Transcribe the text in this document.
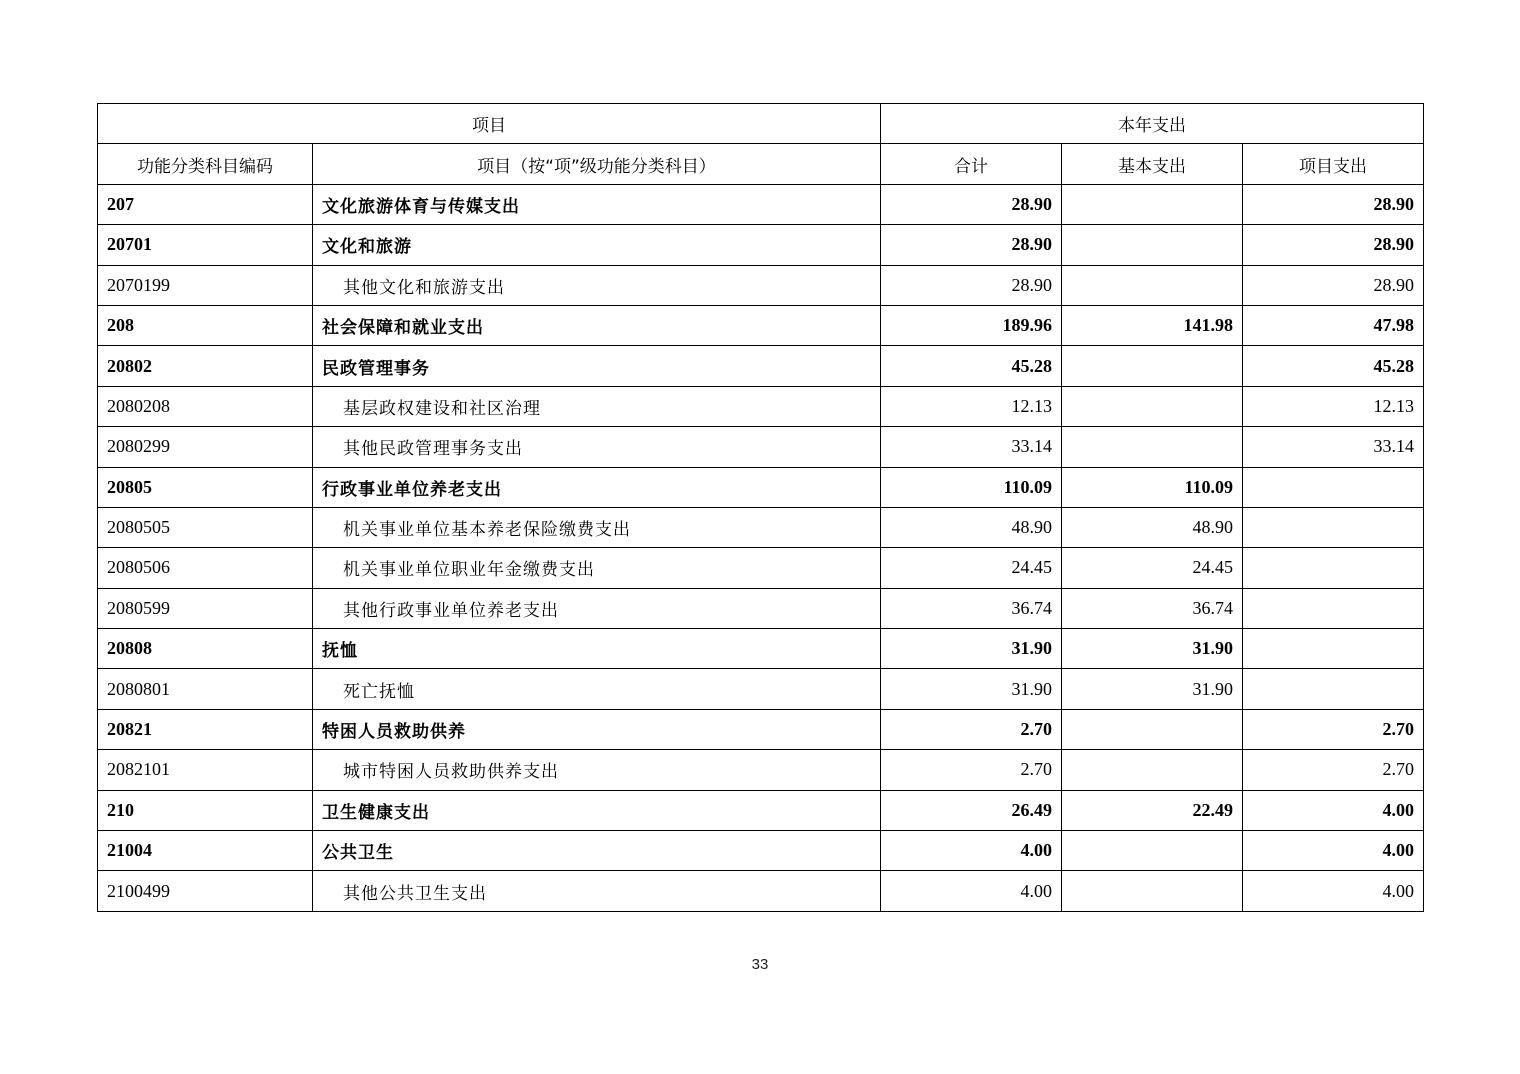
项目		本年支出		
功能分类科目编码	项目（按“项”级功能分类科目）	合计	基本支出	项目支出
207	文化旅游体育与传媒支出	28.90		28.90
20701	文化和旅游	28.90		28.90
2070199	其他文化和旅游支出	28.90		28.90
208	社会保障和就业支出	189.96	141.98	47.98
20802	民政管理事务	45.28		45.28
2080208	基层政权建设和社区治理	12.13		12.13
2080299	其他民政管理事务支出	33.14		33.14
20805	行政事业单位养老支出	110.09	110.09	
2080505	机关事业单位基本养老保险缴费支出	48.90	48.90	
2080506	机关事业单位职业年金缴费支出	24.45	24.45	
2080599	其他行政事业单位养老支出	36.74	36.74	
20808	抚恤	31.90	31.90	
2080801	死亡抚恤	31.90	31.90	
20821	特困人员救助供养	2.70		2.70
2082101	城市特困人员救助供养支出	2.70		2.70
210	卫生健康支出	26.49	22.49	4.00
21004	公共卫生	4.00		4.00
2100499	其他公共卫生支出	4.00		4.00
33
